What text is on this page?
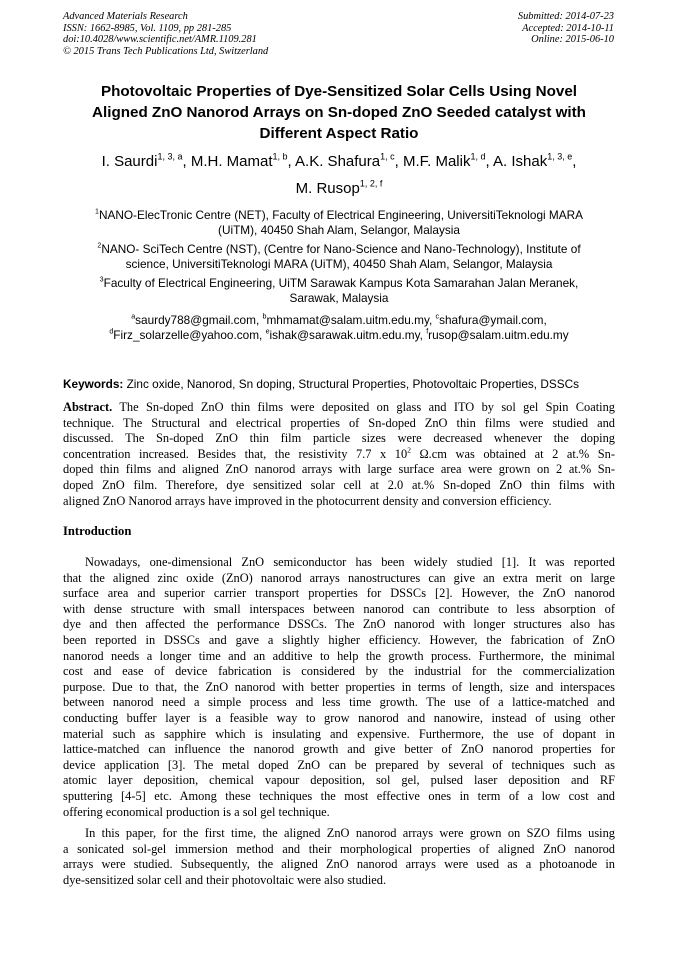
Advanced Materials Research
ISSN: 1662-8985, Vol. 1109, pp 281-285
doi:10.4028/www.scientific.net/AMR.1109.281
© 2015 Trans Tech Publications Ltd, Switzerland
Submitted: 2014-07-23
Accepted: 2014-10-11
Online: 2015-06-10
Photovoltaic Properties of Dye-Sensitized Solar Cells Using Novel
Aligned ZnO Nanorod Arrays on Sn-doped ZnO Seeded catalyst with
Different Aspect Ratio
I. Saurdi$^{1, 3, a}$, M.H. Mamat$^{1, b}$, A.K. Shafura$^{1, c}$, M.F. Malik$^{1, d}$, A. Ishak$^{1, 3, e}$,
M. Rusop$^{1, 2, f}$
$^1$NANO-ElecTronic Centre (NET), Faculty of Electrical Engineering, UniversitiTeknologi MARA
(UiTM), 40450 Shah Alam, Selangor, Malaysia
$^2$NANO- SciTech Centre (NST), (Centre for Nano-Science and Nano-Technology), Institute of
science, UniversitiTeknologi MARA (UiTM), 40450 Shah Alam, Selangor, Malaysia
$^3$Faculty of Electrical Engineering, UiTM Sarawak Kampus Kota Samarahan Jalan Meranek,
Sarawak, Malaysia
$^a$saurdy788@gmail.com, $^b$mhmamat@salam.uitm.edu.my, $^c$shafura@ymail.com,
$^d$Firz_solarzelle@yahoo.com, $^e$ishak@sarawak.uitm.edu.my, $^f$rusop@salam.uitm.edu.my
Keywords: Zinc oxide, Nanorod, Sn doping, Structural Properties, Photovoltaic Properties, DSSCs
Abstract. The Sn-doped ZnO thin films were deposited on glass and ITO by sol gel Spin Coating
technique. The Structural and electrical properties of Sn-doped ZnO thin films were studied and
discussed. The Sn-doped ZnO thin film particle sizes were decreased whenever the doping
concentration increased. Besides that, the resistivity 7.7 x $10^2$ Ω.cm was obtained at 2 at.% Sn-
doped thin films and aligned ZnO nanorod arrays with large surface area were grown on 2 at.% Sn-
doped ZnO film. Therefore, dye sensitized solar cell at 2.0 at.% Sn-doped ZnO thin films with
aligned ZnO Nanorod arrays have improved in the photocurrent density and conversion efficiency.
Introduction
Nowadays, one-dimensional ZnO semiconductor has been widely studied [1]. It was reported
that the aligned zinc oxide (ZnO) nanorod arrays nanostructures can give an extra merit on large
surface area and superior carrier transport properties for DSSCs [2]. However, the ZnO nanorod
with dense structure with small interspaces between nanorod can contribute to less absorption of
dye and then affected the performance DSSCs. The ZnO nanorod with longer structures also has
been reported in DSSCs and gave a slightly higher efficiency. However, the fabrication of ZnO
nanorod needs a longer time and an additive to help the growth process. Furthermore, the minimal
cost and ease of device fabrication is considered by the industrial for the commercialization
purpose. Due to that, the ZnO nanorod with better properties in terms of length, size and interspaces
between nanorod need a simple process and less time growth. The use of a lattice-matched and
conducting buffer layer is a feasible way to grow nanorod and nanowire, instead of using other
material such as sapphire which is insulating and expensive. Furthermore, the use of dopant in
lattice-matched can influence the nanorod growth and give better of ZnO nanorod properties for
device application [3]. The metal doped ZnO can be prepared by several of techniques such as
atomic layer deposition, chemical vapour deposition, sol gel, pulsed laser deposition and RF
sputtering [4-5] etc. Among these techniques the most effective ones in term of a low cost and
offering economical production is a sol gel technique.
In this paper, for the first time, the aligned ZnO nanorod arrays were grown on SZO films using
a sonicated sol-gel immersion method and their morphological properties of aligned ZnO nanorod
arrays were studied. Subsequently, the aligned ZnO nanorod arrays were used as a photoanode in
dye-sensitized solar cell and their photovoltaic were also studied.
